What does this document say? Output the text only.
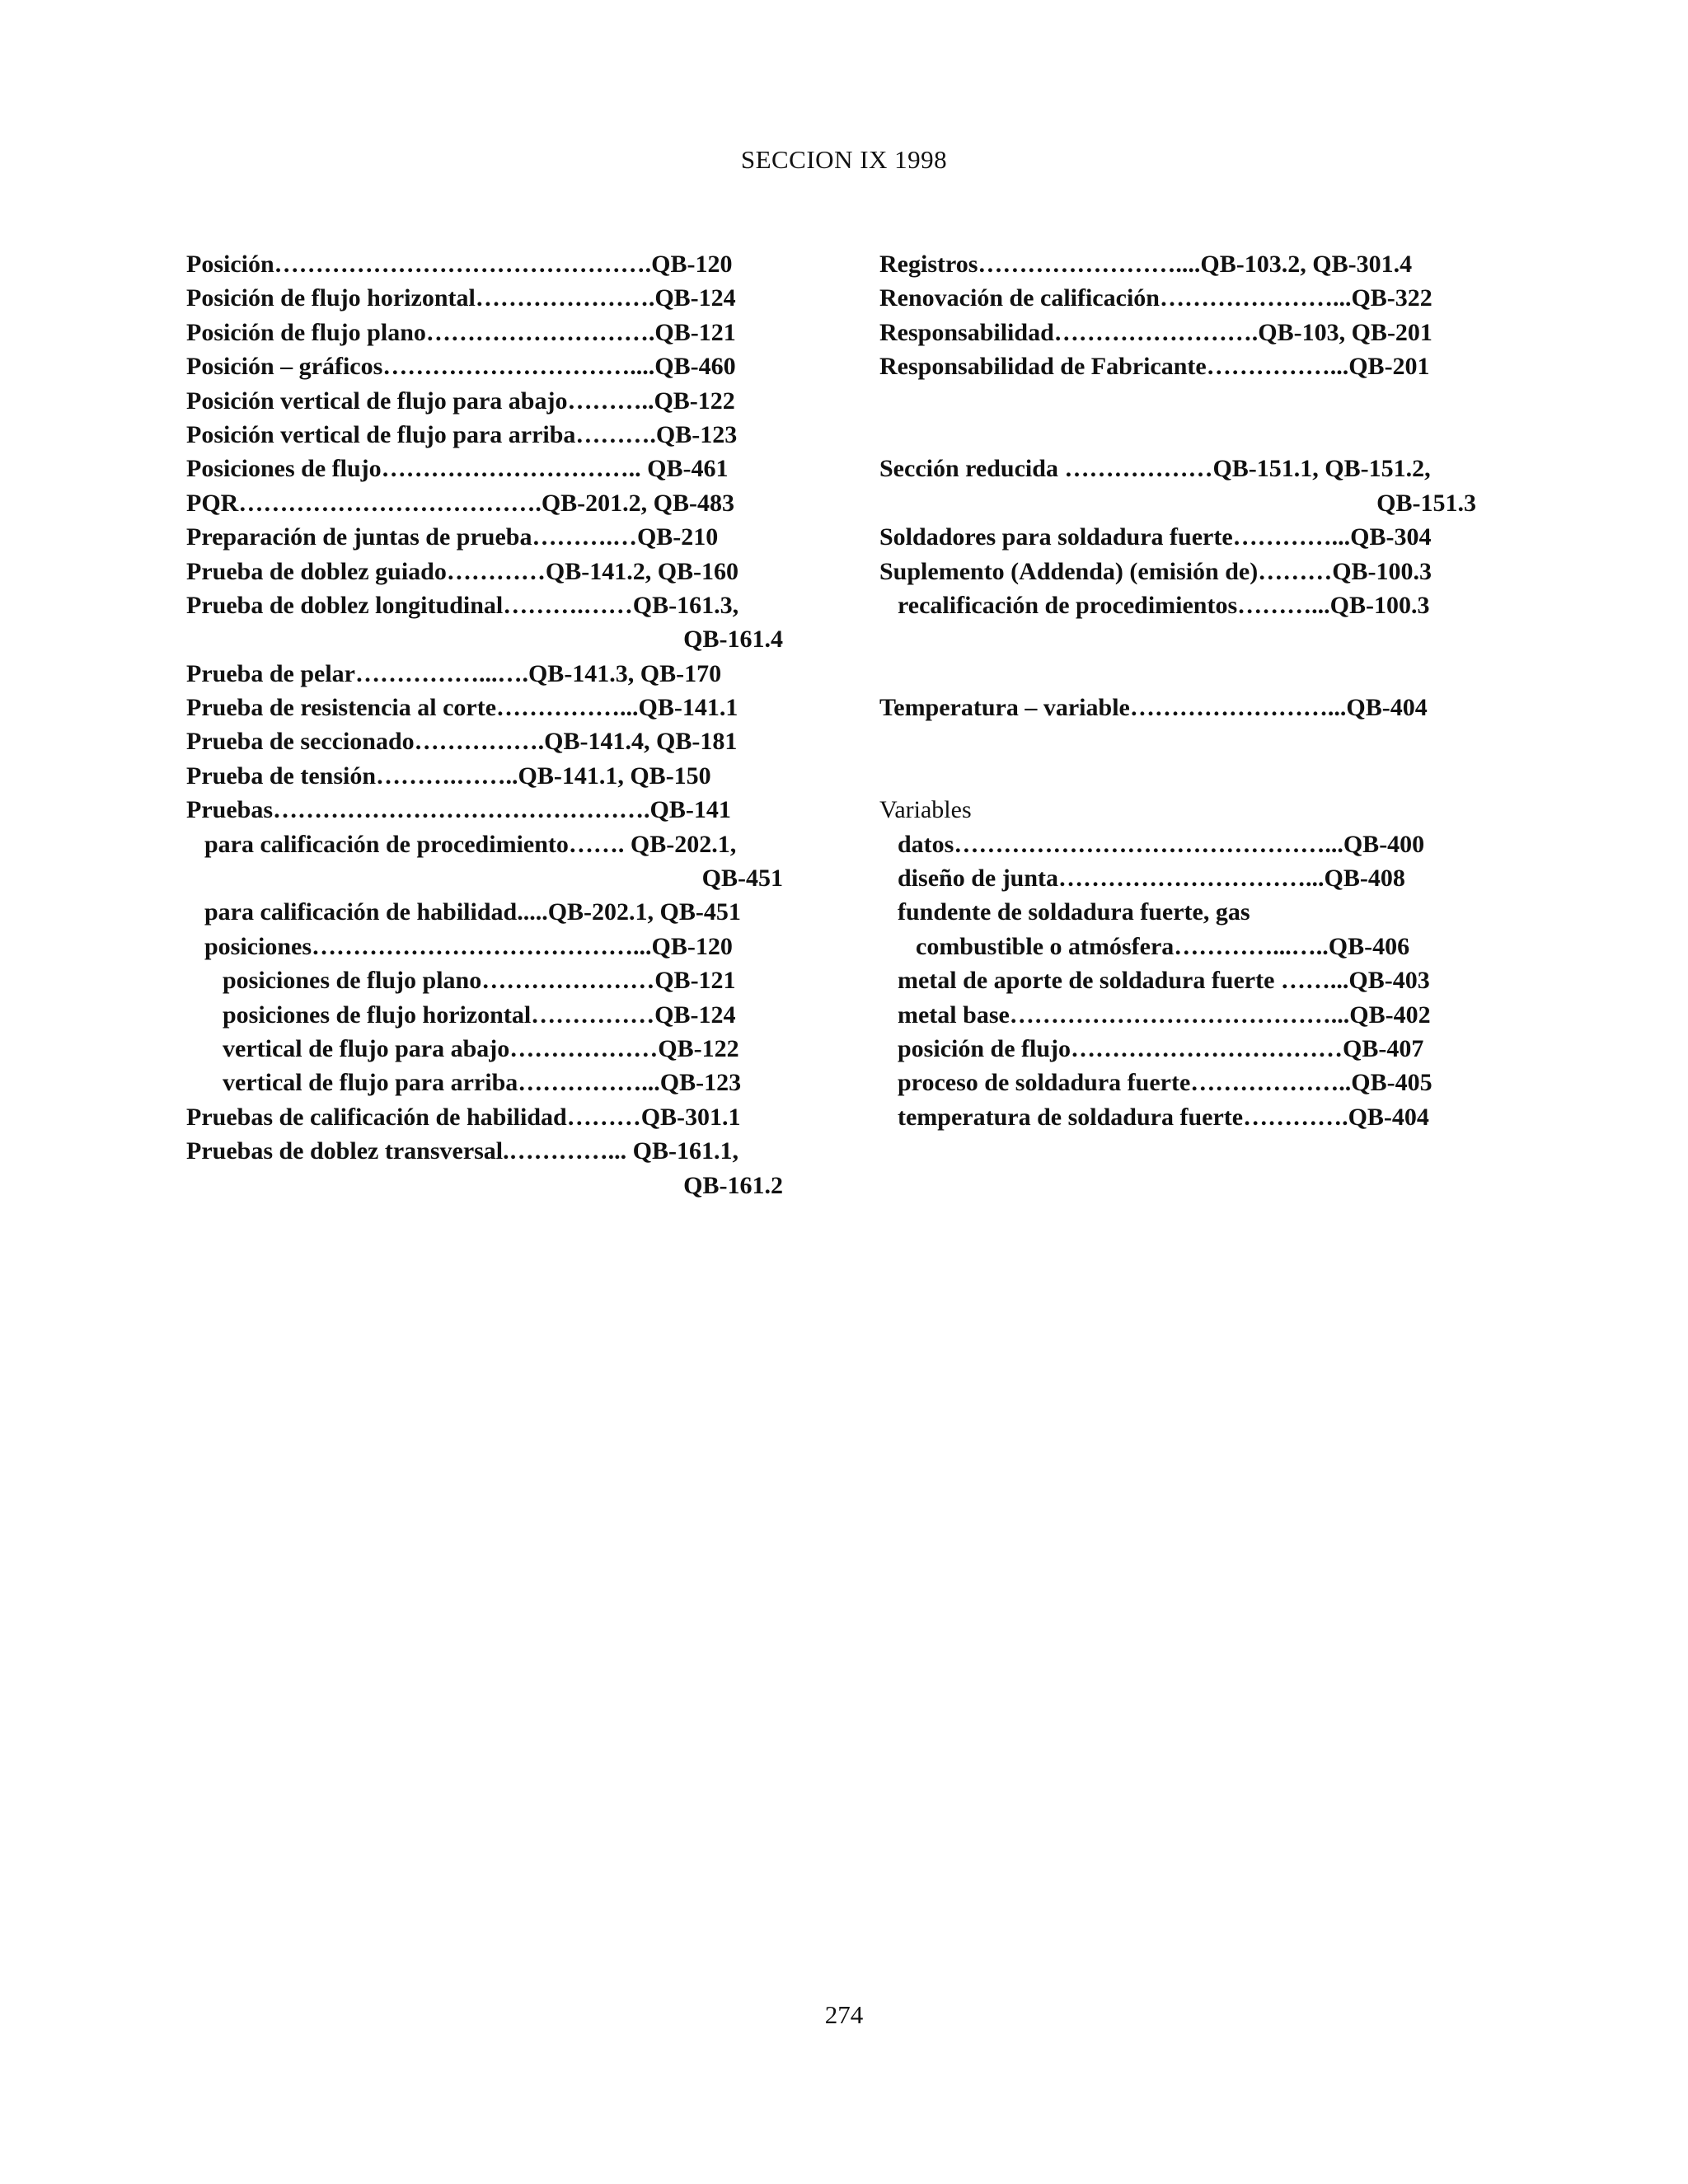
SECCION IX 1998
Posición……………………………………….QB-120
Posición de flujo horizontal………………….QB-124
Posición de flujo plano……………………….QB-121
Posición – gráficos…………………………....QB-460
Posición vertical de flujo para abajo………..QB-122
Posición vertical de flujo para arriba……….QB-123
Posiciones de flujo………………………….. QB-461
PQR……………………………….QB-201.2, QB-483
Preparación de juntas de prueba……….…QB-210
Prueba de doblez guiado…………QB-141.2, QB-160
Prueba de doblez longitudinal……….……QB-161.3,
QB-161.4
Prueba de pelar……………...….QB-141.3, QB-170
Prueba de resistencia al corte……………...QB-141.1
Prueba de seccionado…………….QB-141.4, QB-181
Prueba de tensión……….……..QB-141.1, QB-150
Pruebas……………………………………….QB-141
para calificación de procedimiento……. QB-202.1,
QB-451
para calificación de habilidad.....QB-202.1, QB-451
posiciones…………………………………...QB-120
posiciones de flujo plano…………………QB-121
posiciones de flujo horizontal……………QB-124
vertical de flujo para abajo………………QB-122
vertical de flujo para arriba……………...QB-123
Pruebas de calificación de habilidad………QB-301.1
Pruebas de doblez transversal.…………... QB-161.1,
QB-161.2
Registros……………………....QB-103.2, QB-301.4
Renovación de calificación…………………...QB-322
Responsabilidad…………………….QB-103, QB-201
Responsabilidad de Fabricante……………...QB-201
Sección reducida ………………QB-151.1, QB-151.2,
QB-151.3
Soldadores para soldadura fuerte…………...QB-304
Suplemento (Addenda) (emisión de)………QB-100.3
recalificación de procedimientos………...QB-100.3
Temperatura – variable……………………...QB-404
Variables
datos………………………………………...QB-400
diseño de junta…………………………...QB-408
fundente de soldadura fuerte, gas
combustible o atmósfera…………...…..QB-406
metal de aporte de soldadura fuerte ……...QB-403
metal base…………………………………...QB-402
posición de flujo……………………………QB-407
proceso de soldadura fuerte………………..QB-405
temperatura de soldadura fuerte………….QB-404
274
